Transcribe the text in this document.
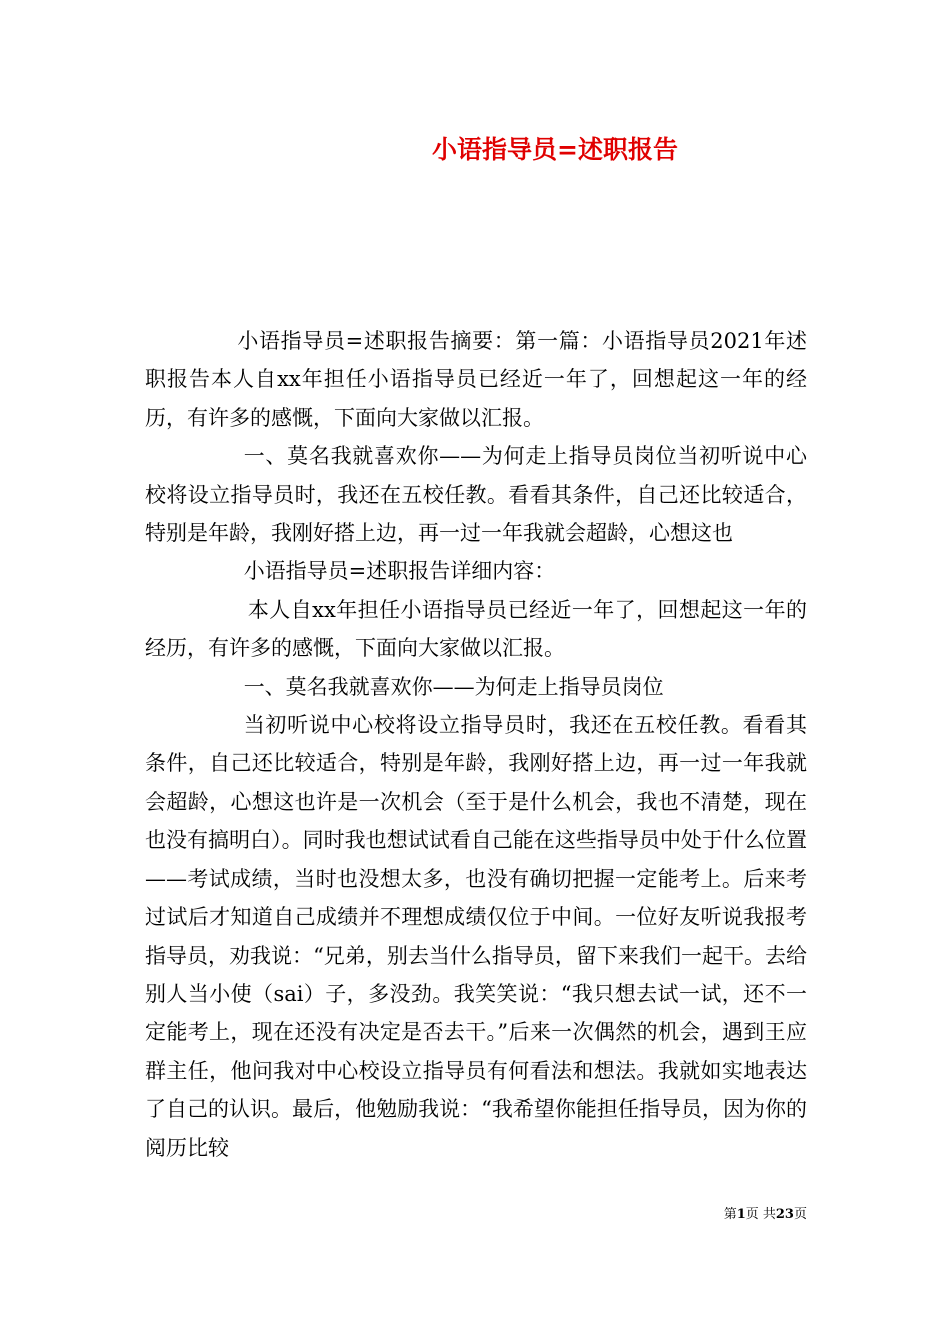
小语指导员=述职报告

小语指导员=述职报告摘要：第一篇：小语指导员2021年述职报告本人自xx年担任小语指导员已经近一年了，回想起这一年的经历，有许多的感慨，下面向大家做以汇报。

一、莫名我就喜欢你——为何走上指导员岗位当初听说中心校将设立指导员时，我还在五校任教。看看其条件，自己还比较适合，特别是年龄，我刚好搭上边，再一过一年我就会超龄，心想这也

小语指导员=述职报告详细内容：

本人自xx年担任小语指导员已经近一年了，回想起这一年的经历，有许多的感慨，下面向大家做以汇报。

一、莫名我就喜欢你——为何走上指导员岗位

当初听说中心校将设立指导员时，我还在五校任教。看看其条件，自己还比较适合，特别是年龄，我刚好搭上边，再一过一年我就会超龄，心想这也许是一次机会（至于是什么机会，我也不清楚，现在也没有搞明白）。同时我也想试试看自己能在这些指导员中处于什么位置——考试成绩，当时也没想太多，也没有确切把握一定能考上。后来考过试后才知道自己成绩并不理想成绩仅位于中间。一位好友听说我报考指导员，劝我说：“兄弟，别去当什么指导员，留下来我们一起干。去给别人当小使（sai）子，多没劲。我笑笑说：“我只想去试一试，还不一定能考上，现在还没有决定是否去干。”后来一次偶然的机会，遇到王应群主任，他问我对中心校设立指导员有何看法和想法。我就如实地表达了自己的认识。最后，他勉励我说：“我希望你能担任指导员，因为你的阅历比较

第1页 共23页
